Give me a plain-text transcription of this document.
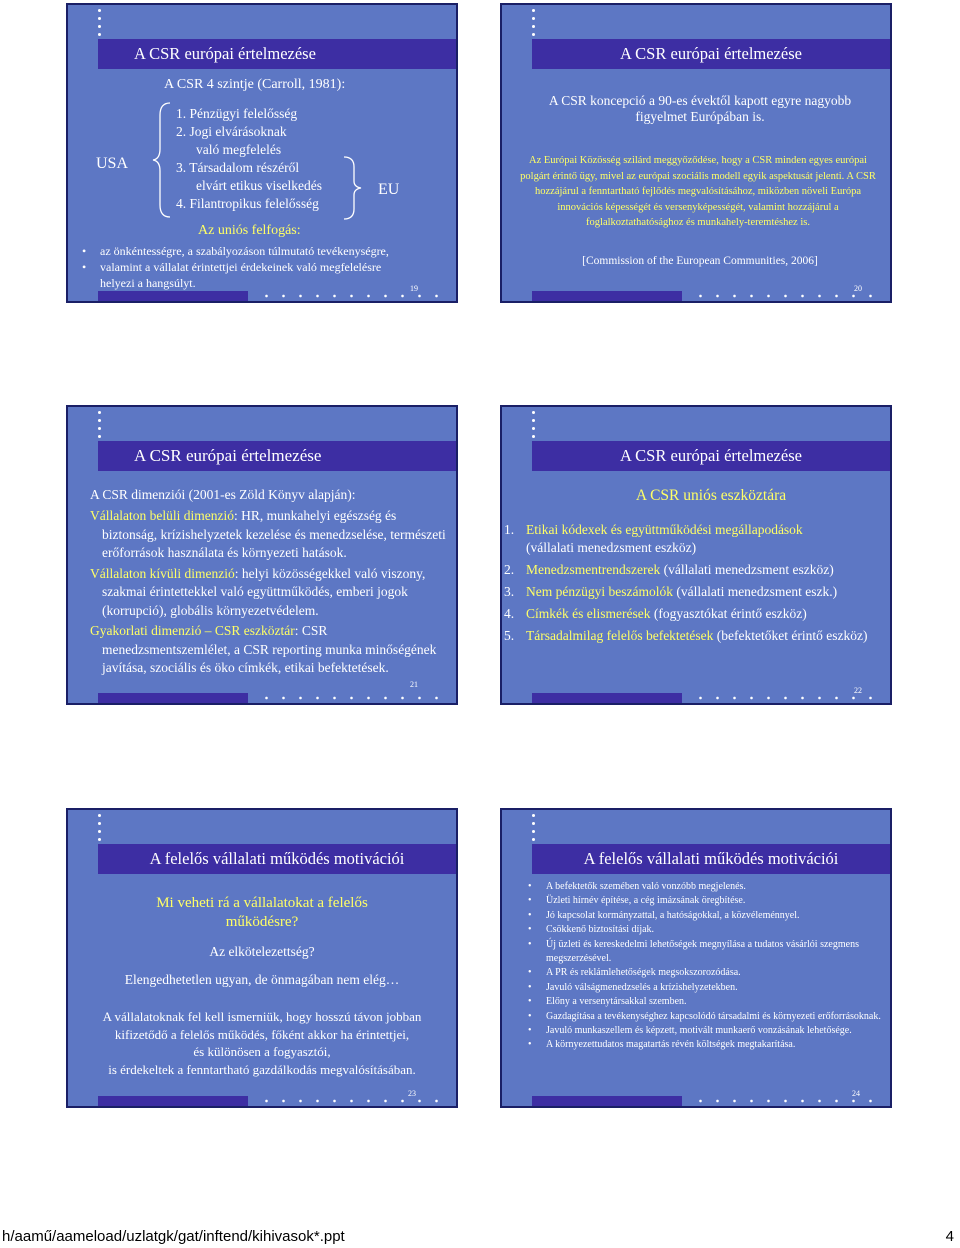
A CSR európai értelmezése
A CSR 4 szintje (Carroll, 1981):
USA
1. Pénzügyi felelősség
2. Jogi elvárásoknak
való megfelelés
3. Társadalom részéről
elvárt etikus viselkedés
4. Filantropikus felelősség
EU
Az uniós felfogás:
• az önkéntességre, a szabályozáson túlmutató tevékenységre,
• valamint a vállalat érintettjei érdekeinek való megfelelésre
helyezi a hangsúlyt.	19
A CSR európai értelmezése
A CSR koncepció a 90-es évektől kapott egyre nagyobb figyelmet Európában is.
Az Európai Közösség szilárd meggyőződése, hogy a CSR minden egyes európai polgárt érintő ügy, mivel az európai szociális modell egyik aspektusát jelenti. A CSR hozzájárul a fenntartható fejlődés megvalósításához, miközben növeli Európa innovációs képességét és versenyképességét, valamint hozzájárul a foglalkoztathatósághoz és munkahely-teremtéshez is.
[Commission of the European Communities, 2006]
20
A CSR európai értelmezése
A CSR dimenziói (2001-es Zöld Könyv alapján):
Vállalaton belüli dimenzió: HR, munkahelyi egészség és biztonság, krízishelyzetek kezelése és menedzselése, természeti erőforrások használata és környezeti hatások.
Vállalaton kívüli dimenzió: helyi közösségekkel való viszony, szakmai érintettekkel való együttműködés, emberi jogok (korrupció), globális környezetvédelem.
Gyakorlati dimenzió – CSR eszköztár: CSR menedzsmentszemlélet, a CSR reporting munka minőségének javítása, szociális és öko címkék, etikai befektetések.
21
A CSR európai értelmezése
A CSR uniós eszköztára
1. Etikai kódexek és együttműködési megállapodások
(vállalati menedzsment eszköz)
2. Menedzsmentrendszerek (vállalati menedzsment eszköz)
3. Nem pénzügyi beszámolók (vállalati menedzsment eszk.)
4. Címkék és elismerések (fogyasztókat érintő eszköz)
5. Társadalmilag felelős befektetések (befektetőket érintő eszköz)
22
A felelős vállalati működés motivációi
Mi veheti rá a vállalatokat a felelős működésre?
Az elkötelezettség?
Elengedhetetlen ugyan, de önmagában nem elég…
A vállalatoknak fel kell ismerniük, hogy hosszú távon jobban
kifizetődő a felelős működés, főként akkor ha érintettjei,
és különösen a fogyasztói,
is érdekeltek a fenntartható gazdálkodás megvalósításában.
23
A felelős vállalati működés motivációi
• A befektetők szemében való vonzóbb megjelenés.
• Üzleti hírnév építése, a cég imázsának öregbítése.
• Jó kapcsolat kormányzattal, a hatóságokkal, a közvéleménnyel.
• Csökkenő biztosítási díjak.
• Új üzleti és kereskedelmi lehetőségek megnyílása a tudatos vásárlói szegmens megszerzésével.
• A PR és reklámlehetőségek megsokszorozódása.
• Javuló válságmenedzselés a krízishelyzetekben.
• Előny a versenytársakkal szemben.
• Gazdagítása a tevékenységhez kapcsolódó társadalmi és környezeti erőforrásoknak.
• Javuló munkaszellem és képzett, motivált munkaerő vonzásának lehetősége.
• A környezettudatos magatartás révén költségek megtakarítása.
24
h/aamű/aameload/uzlatgk/gat/inftend/kihivasok*.ppt	4
